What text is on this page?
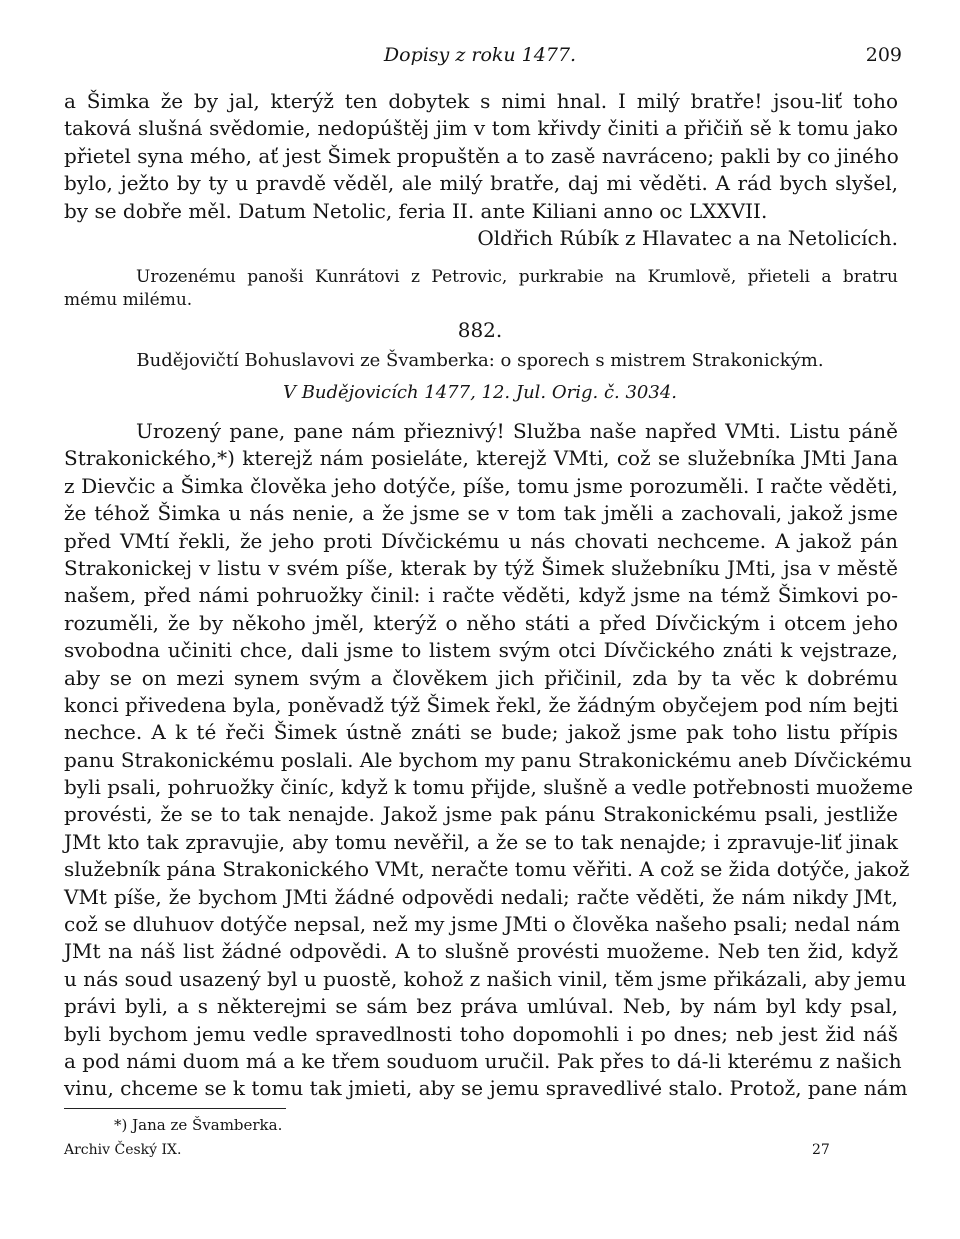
Dopisy z roku 1477.	209
a Šimka že by jal, kterýž ten dobytek s nimi hnal. I milý bratře! jsou-liť toho
taková slušná svědomie, nedopúštěj jim v tom křivdy činiti a přičiň sě k tomu jako
přietel syna mého, ať jest Šimek propuštěn a to zasě navráceno; pakli by co jiného
bylo, ježto by ty u pravdě věděl, ale milý bratře, daj mi věděti. A rád bych slyšel,
by se dobře měl. Datum Netolic, feria II. ante Kiliani anno oc LXXVII.
Oldřich Rúbík z Hlavatec a na Netolicích.
Urozenému panoši Kunrátovi z Petrovic, purkrabie na Krumlově, přieteli a bratru
mému milému.
882.
Budějovičtí Bohuslavovi ze Švamberka: o sporech s mistrem Strakonickým.
V Budějovicích 1477, 12. Jul. Orig. č. 3034.
Urozený pane, pane nám přieznivý! Služba naše napřed VMti. Listu páně
Strakonického,*) kterejž nám posieláte, kterejž VMti, což se služebníka JMti Jana
z Dievčic a Šimka člověka jeho dotýče, píše, tomu jsme porozuměli. I račte věděti,
že téhož Šimka u nás nenie, a že jsme se v tom tak jměli a zachovali, jakož jsme
před VMtí řekli, že jeho proti Dívčickému u nás chovati nechceme. A jakož pán
Strakonickej v listu v svém píše, kterak by týž Šimek služebníku JMti, jsa v městě
našem, před námi pohruožky činil: i račte věděti, když jsme na témž Šimkovi po-
rozuměli, že by někoho jměl, kterýž o něho státi a před Dívčickým i otcem jeho
svobodna učiniti chce, dali jsme to listem svým otci Dívčického znáti k vejstraze,
aby se on mezi synem svým a člověkem jich přičinil, zda by ta věc k dobrému
konci přivedena byla, poněvadž týž Šimek řekl, že žádným obyčejem pod ním bejti
nechce. A k té řeči Šimek ústně znáti se bude; jakož jsme pak toho listu přípis
panu Strakonickému poslali. Ale bychom my panu Strakonickému aneb Dívčickému
byli psali, pohruožky činíc, když k tomu přijde, slušně a vedle potřebnosti muožeme
provésti, že se to tak nenajde. Jakož jsme pak pánu Strakonickému psali, jestliže
JMt kto tak zpravujie, aby tomu nevěřil, a že se to tak nenajde; i zpravuje-liť jinak
služebník pána Strakonického VMt, neračte tomu věřiti. A což se žida dotýče, jakož
VMt píše, že bychom JMti žádné odpovědi nedali; račte věděti, že nám nikdy JMt,
což se dluhuov dotýče nepsal, než my jsme JMti o člověka našeho psali; nedal nám
JMt na náš list žádné odpovědi. A to slušně provésti muožeme. Neb ten žid, když
u nás soud usazený byl u puostě, kohož z našich vinil, těm jsme přikázali, aby jemu
právi byli, a s některejmi se sám bez práva umlúval. Neb, by nám byl kdy psal,
byli bychom jemu vedle spravedlnosti toho dopomohli i po dnes; neb jest žid náš
a pod námi duom má a ke třem souduom uručil. Pak přes to dá-li kterému z našich
vinu, chceme se k tomu tak jmieti, aby se jemu spravedlivé stalo. Protož, pane nám
*) Jana ze Švamberka.
Archiv Český IX.	27
